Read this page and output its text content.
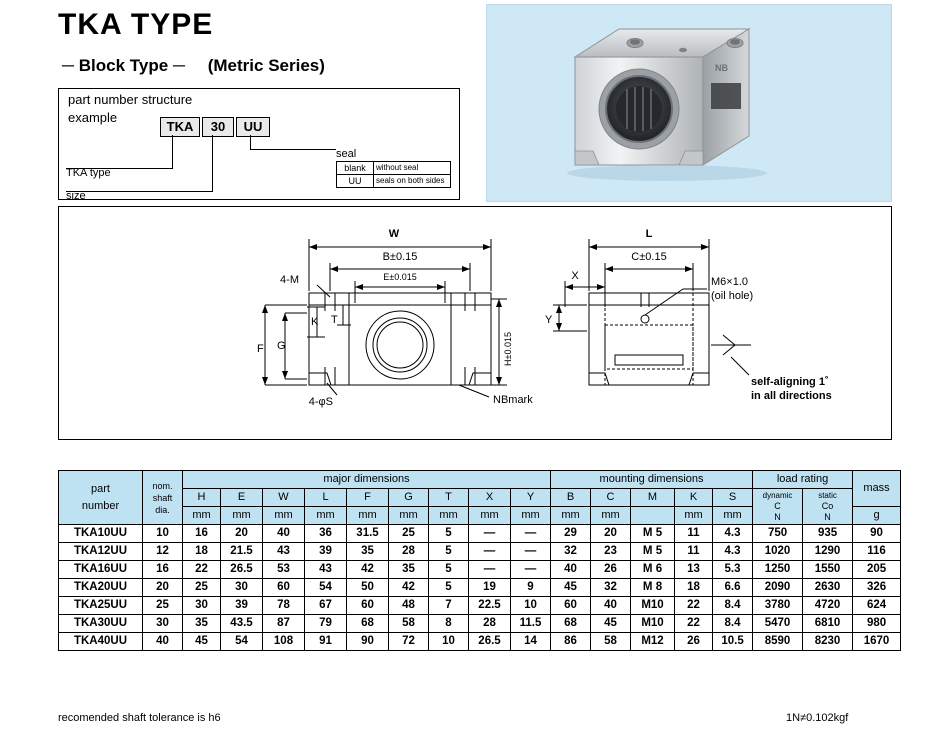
TKA TYPE
─ Block Type ─ (Metric Series)
part number structure
example
TKA	30	UU
TKA type
size
seal
blank	without seal
UU	seals on both sides
NB
W
B±0.15
E±0.015
4-M
T
K
G
F	H±0.015
4-φS	NBmark
L
C±0.15
X
Y
M6×1.0
(oil hole)
self-aligning 1˚
in all directions
part
number

nom.
shaft
dia.
	major dimensions	mounting dimensions	load rating	mass
H	E	W	L	F	G	T	X	Y	B	C	M	K	S	dynamic
C
N

static
Co
N

		mm	mm	mm	mm	mm	mm	mm	mm	mm	mm	mm		mm	mm			g
TKA10UU	10	16	20	40	36	31.5	25	5	—	—	29	20	M 5	11	4.3	750	935	90
TKA12UU	12	18	21.5	43	39	35	28	5	—	—	32	23	M 5	11	4.3	1020	1290	116
TKA16UU	16	22	26.5	53	43	42	35	5	—	—	40	26	M 6	13	5.3	1250	1550	205
TKA20UU	20	25	30	60	54	50	42	5	19	9	45	32	M 8	18	6.6	2090	2630	326
TKA25UU	25	30	39	78	67	60	48	7	22.5	10	60	40	M10	22	8.4	3780	4720	624
TKA30UU	30	35	43.5	87	79	68	58	8	28	11.5	68	45	M10	22	8.4	5470	6810	980
TKA40UU	40	45	54	108	91	90	72	10	26.5	14	86	58	M12	26	10.5	8590	8230	1670
recomended shaft tolerance is h6	1N≠0.102kgf
